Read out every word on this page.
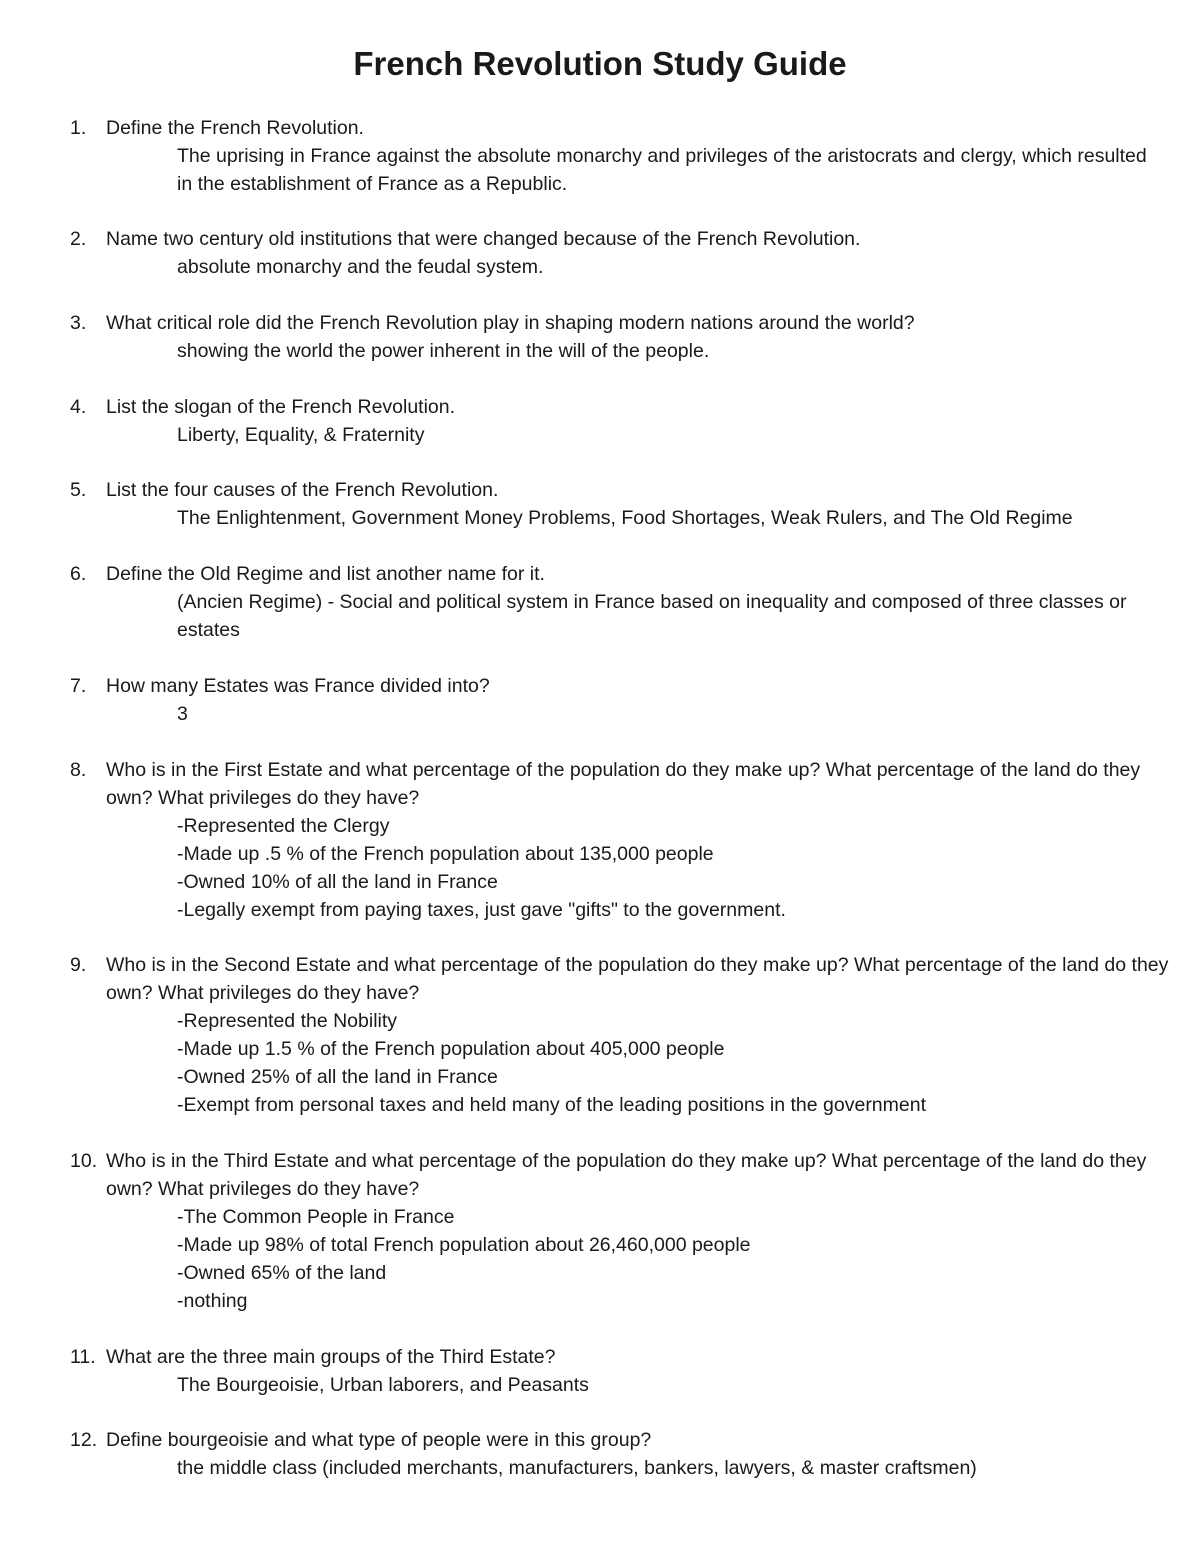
French Revolution Study Guide
1. Define the French Revolution.
The uprising in France against the absolute monarchy and privileges of the aristocrats and clergy, which resulted in the establishment of France as a Republic.
2. Name two century old institutions that were changed because of the French Revolution.
absolute monarchy and the feudal system.
3. What critical role did the French Revolution play in shaping modern nations around the world?
showing the world the power inherent in the will of the people.
4. List the slogan of the French Revolution.
Liberty, Equality, & Fraternity
5. List the four causes of the French Revolution.
The Enlightenment, Government Money Problems, Food Shortages, Weak Rulers, and The Old Regime
6. Define the Old Regime and list another name for it.
(Ancien Regime) - Social and political system in France based on inequality and composed of three classes or estates
7. How many Estates was France divided into?
3
8. Who is in the First Estate and what percentage of the population do they make up? What percentage of the land do they own? What privileges do they have?
-Represented the Clergy
-Made up .5 % of the French population about 135,000 people
-Owned 10% of all the land in France
-Legally exempt from paying taxes, just gave "gifts" to the government.
9. Who is in the Second Estate and what percentage of the population do they make up? What percentage of the land do they own? What privileges do they have?
-Represented the Nobility
-Made up 1.5 % of the French population about 405,000 people
-Owned 25% of all the land in France
-Exempt from personal taxes and held many of the leading positions in the government
10. Who is in the Third Estate and what percentage of the population do they make up? What percentage of the land do they own? What privileges do they have?
-The Common People in France
-Made up 98% of total French population about 26,460,000 people
-Owned 65% of the land
-nothing
11. What are the three main groups of the Third Estate?
The Bourgeoisie, Urban laborers, and Peasants
12. Define bourgeoisie and what type of people were in this group?
the middle class (included merchants, manufacturers, bankers, lawyers, & master craftsmen)
